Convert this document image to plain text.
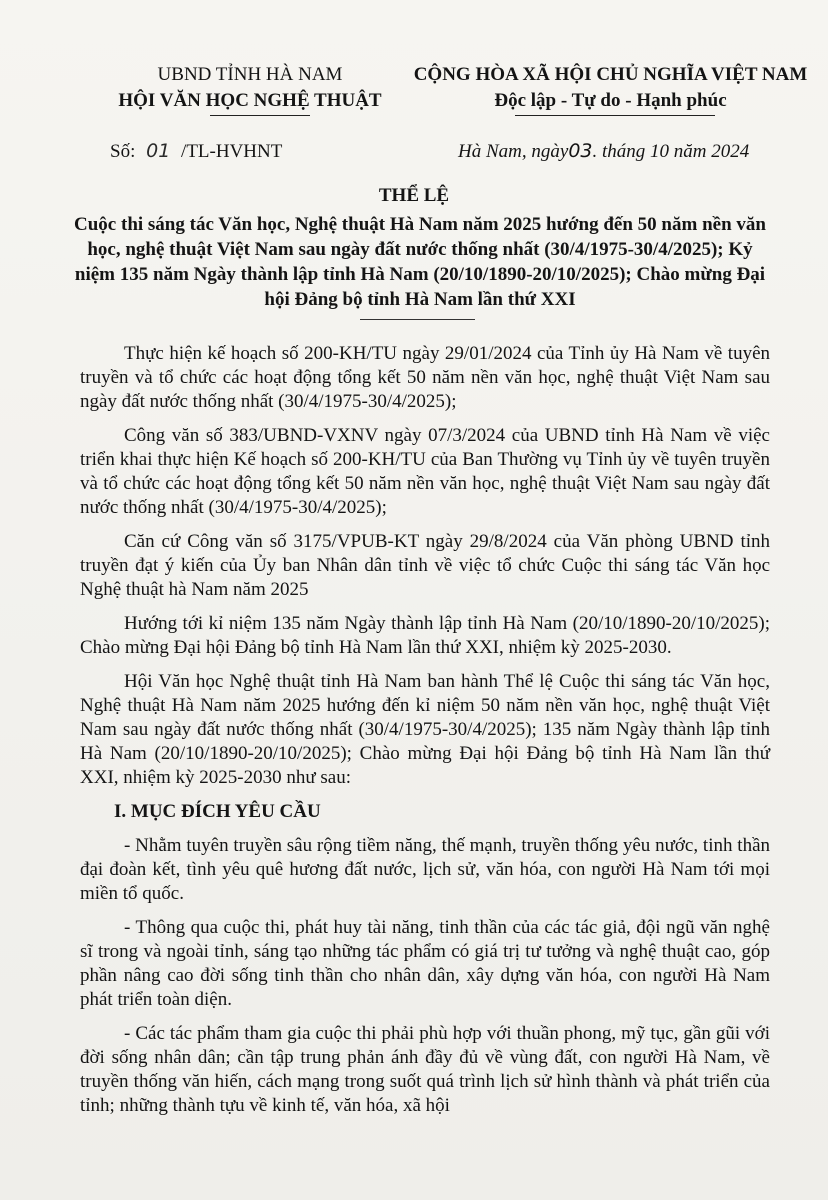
UBND TỈNH HÀ NAM
HỘI VĂN HỌC NGHỆ THUẬT
CỘNG HÒA XÃ HỘI CHỦ NGHĨA VIỆT NAM
Độc lập - Tự do - Hạnh phúc
Số: 01 /TL-HVHNT	Hà Nam, ngày03. tháng 10 năm 2024
THỂ LỆ
Cuộc thi sáng tác Văn học, Nghệ thuật Hà Nam năm 2025 hướng đến 50 năm nền văn học, nghệ thuật Việt Nam sau ngày đất nước thống nhất (30/4/1975-30/4/2025); Kỷ niệm 135 năm Ngày thành lập tỉnh Hà Nam (20/10/1890-20/10/2025); Chào mừng Đại hội Đảng bộ tỉnh Hà Nam lần thứ XXI

Thực hiện kế hoạch số 200-KH/TU ngày 29/01/2024 của Tỉnh ủy Hà Nam về tuyên truyền và tổ chức các hoạt động tổng kết 50 năm nền văn học, nghệ thuật Việt Nam sau ngày đất nước thống nhất (30/4/1975-30/4/2025);

Công văn số 383/UBND-VXNV ngày 07/3/2024 của UBND tỉnh Hà Nam về việc triển khai thực hiện Kế hoạch số 200-KH/TU của Ban Thường vụ Tỉnh ủy về tuyên truyền và tổ chức các hoạt động tổng kết 50 năm nền văn học, nghệ thuật Việt Nam sau ngày đất nước thống nhất (30/4/1975-30/4/2025);

Căn cứ Công văn số 3175/VPUB-KT ngày 29/8/2024 của Văn phòng UBND tỉnh truyền đạt ý kiến của Ủy ban Nhân dân tỉnh về việc tổ chức Cuộc thi sáng tác Văn học Nghệ thuật hà Nam năm 2025

Hướng tới kỉ niệm 135 năm Ngày thành lập tỉnh Hà Nam (20/10/1890-20/10/2025); Chào mừng Đại hội Đảng bộ tỉnh Hà Nam lần thứ XXI, nhiệm kỳ 2025-2030.

Hội Văn học Nghệ thuật tỉnh Hà Nam ban hành Thể lệ Cuộc thi sáng tác Văn học, Nghệ thuật Hà Nam năm 2025 hướng đến kỉ niệm 50 năm nền văn học, nghệ thuật Việt Nam sau ngày đất nước thống nhất (30/4/1975-30/4/2025); 135 năm Ngày thành lập tỉnh Hà Nam (20/10/1890-20/10/2025); Chào mừng Đại hội Đảng bộ tỉnh Hà Nam lần thứ XXI, nhiệm kỳ 2025-2030 như sau:

I. MỤC ĐÍCH YÊU CẦU

- Nhằm tuyên truyền sâu rộng tiềm năng, thế mạnh, truyền thống yêu nước, tinh thần đại đoàn kết, tình yêu quê hương đất nước, lịch sử, văn hóa, con người Hà Nam tới mọi miền tổ quốc.

- Thông qua cuộc thi, phát huy tài năng, tinh thần của các tác giả, đội ngũ văn nghệ sĩ trong và ngoài tỉnh, sáng tạo những tác phẩm có giá trị tư tưởng và nghệ thuật cao, góp phần nâng cao đời sống tinh thần cho nhân dân, xây dựng văn hóa, con người Hà Nam phát triển toàn diện.

- Các tác phẩm tham gia cuộc thi phải phù hợp với thuần phong, mỹ tục, gần gũi với đời sống nhân dân; cần tập trung phản ánh đầy đủ về vùng đất, con người Hà Nam, về truyền thống văn hiến, cách mạng trong suốt quá trình lịch sử hình thành và phát triển của tỉnh; những thành tựu về kinh tế, văn hóa, xã hội
